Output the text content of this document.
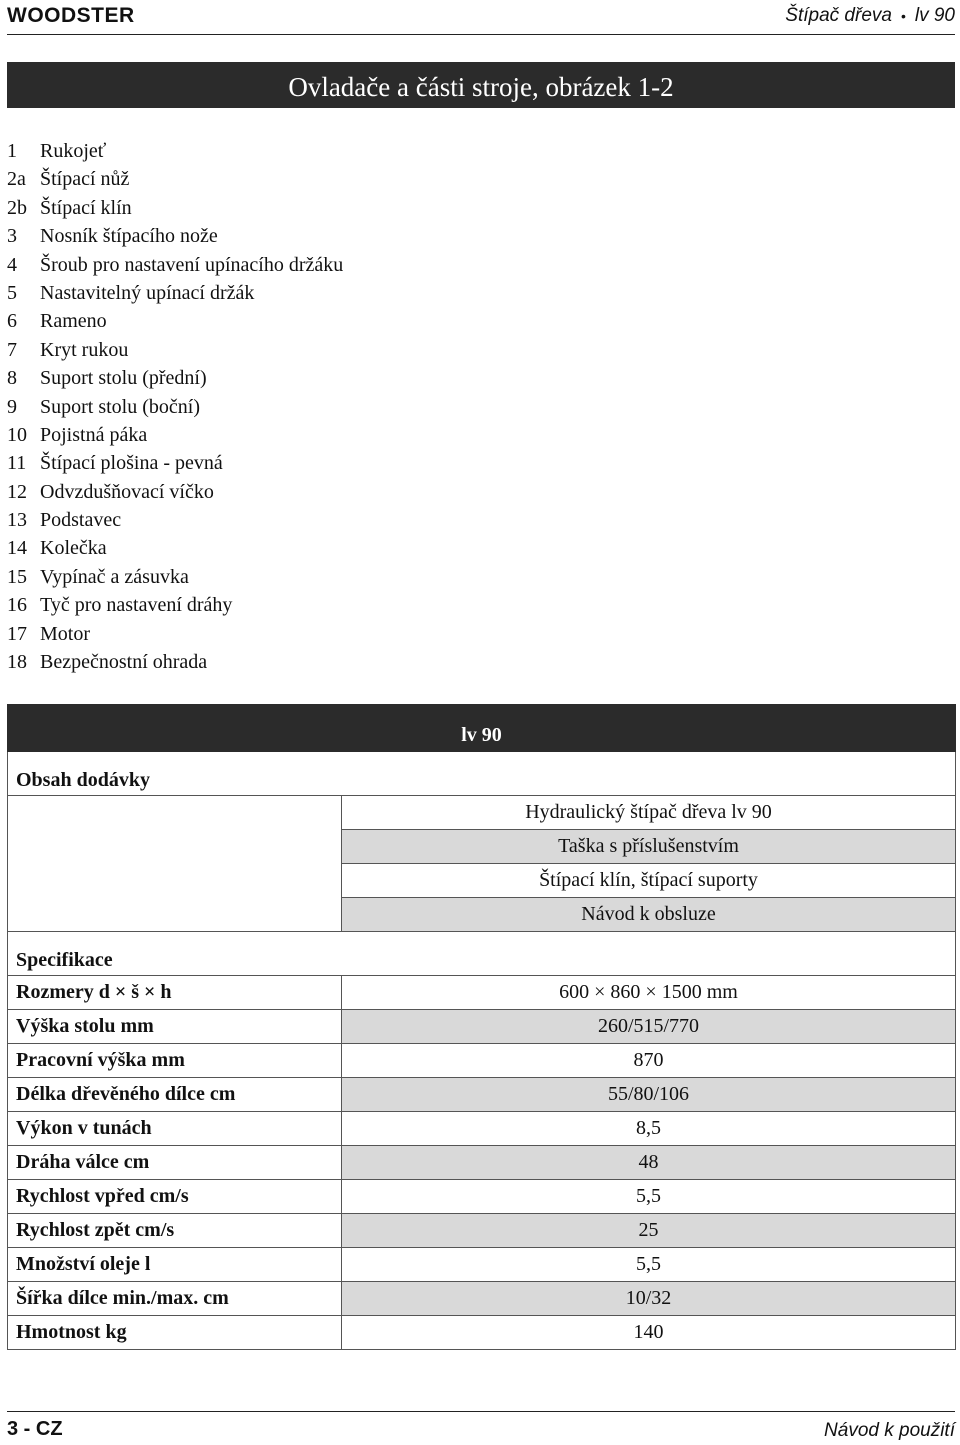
WOODSTER	Štípač dřeva • lv 90
Ovladače a části stroje, obrázek 1-2
1 Rukojeť
2a Štípací nůž
2b Štípací klín
3 Nosník štípacího nože
4 Šroub pro nastavení upínacího držáku
5 Nastavitelný upínací držák
6 Rameno
7 Kryt rukou
8 Suport stolu (přední)
9 Suport stolu (boční)
10 Pojistná páka
11 Štípací plošina - pevná
12 Odvzdušňovací víčko
13 Podstavec
14 Kolečka
15 Vypínač a zásuvka
16 Tyč pro nastavení dráhy
17 Motor
18 Bezpečnostní ohrada
lv 90	
Obsah dodávky	
	Hydraulický štípač dřeva lv 90
	Taška s příslušenstvím
	Štípací klín, štípací suporty
	Návod k obsluze
Specifikace	
Rozmery d × š × h	600 × 860 × 1500 mm
Výška stolu mm	260/515/770
Pracovní výška mm	870
Délka dřevěného dílce cm	55/80/106
Výkon v tunách	8,5
Dráha válce cm	48
Rychlost vpřed cm/s	5,5
Rychlost zpět cm/s	25
Množství oleje l	5,5
Šířka dílce min./max. cm	10/32
Hmotnost kg	140
3 - CZ	Návod k použití
